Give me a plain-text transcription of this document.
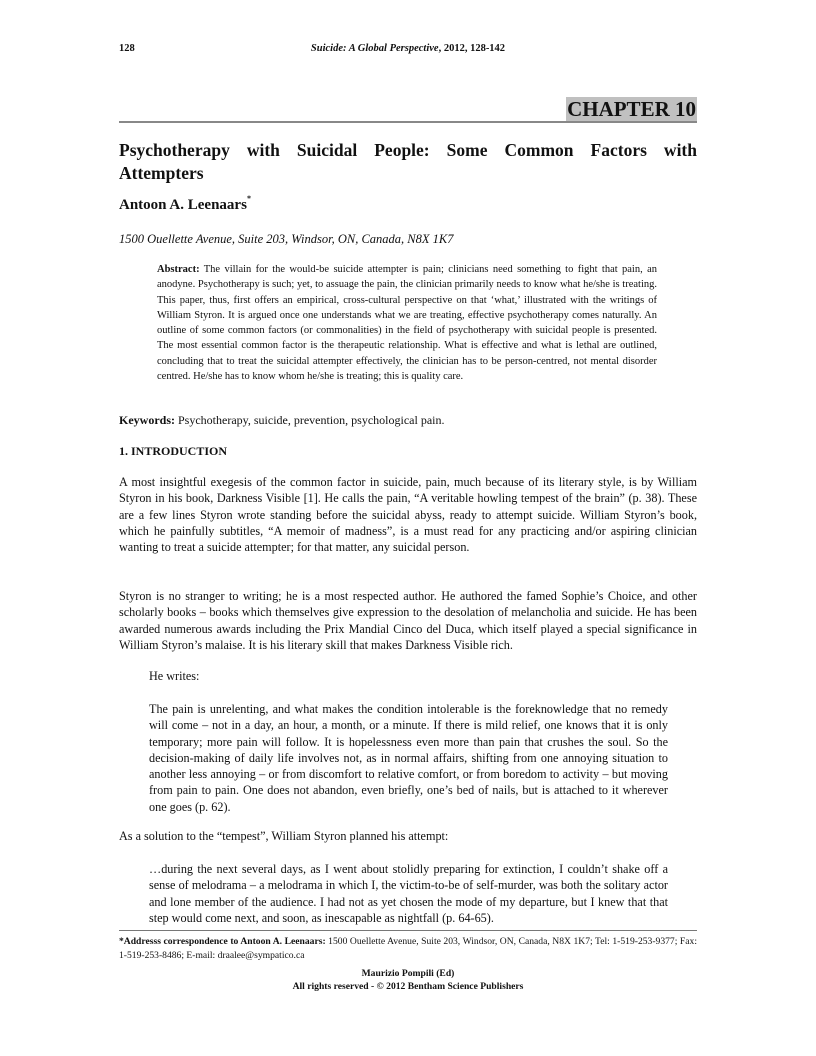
128	Suicide: A Global Perspective, 2012, 128-142
CHAPTER 10
Psychotherapy with Suicidal People: Some Common Factors with
Attempters

Antoon A. Leenaars*

1500 Ouellette Avenue, Suite 203, Windsor, ON, Canada, N8X 1K7

Abstract: The villain for the would-be suicide attempter is pain; clinicians need something to fight that pain, an anodyne. Psychotherapy is such; yet, to assuage the pain, the clinician primarily needs to know what he/she is treating. This paper, thus, first offers an empirical, cross-cultural perspective on that ‘what,’ illustrated with the writings of William Styron. It is argued once one understands what we are treating, effective psychotherapy comes naturally. An outline of some common factors (or commonalities) in the field of psychotherapy with suicidal people is presented. The most essential common factor is the therapeutic relationship. What is effective and what is lethal are outlined, concluding that to treat the suicidal attempter effectively, the clinician has to be person-centred, not mental disorder centred. He/she has to know whom he/she is treating; this is quality care.

Keywords: Psychotherapy, suicide, prevention, psychological pain.

1. INTRODUCTION

A most insightful exegesis of the common factor in suicide, pain, much because of its literary style, is by William Styron in his book, Darkness Visible [1]. He calls the pain, “A veritable howling tempest of the brain” (p. 38). These are a few lines Styron wrote standing before the suicidal abyss, ready to attempt suicide. William Styron’s book, which he painfully subtitles, “A memoir of madness”, is a must read for any practicing and/or aspiring clinician wanting to treat a suicide attempter; for that matter, any suicidal person.

Styron is no stranger to writing; he is a most respected author. He authored the famed Sophie’s Choice, and other scholarly books – books which themselves give expression to the desolation of melancholia and suicide. He has been awarded numerous awards including the Prix Mandial Cinco del Duca, which itself played a special significance in William Styron’s malaise. It is his literary skill that makes Darkness Visible rich.

He writes:

The pain is unrelenting, and what makes the condition intolerable is the foreknowledge that no remedy will come – not in a day, an hour, a month, or a minute. If there is mild relief, one knows that it is only temporary; more pain will follow. It is hopelessness even more than pain that crushes the soul. So the decision-making of daily life involves not, as in normal affairs, shifting from one annoying situation to another less annoying – or from discomfort to relative comfort, or from boredom to activity – but moving from pain to pain. One does not abandon, even briefly, one’s bed of nails, but is attached to it wherever one goes (p. 62).

As a solution to the “tempest”, William Styron planned his attempt:

…during the next several days, as I went about stolidly preparing for extinction, I couldn’t shake off a sense of melodrama – a melodrama in which I, the victim-to-be of self-murder, was both the solitary actor and lone member of the audience. I had not as yet chosen the mode of my departure, but I knew that that step would come next, and soon, as inescapable as nightfall (p. 64-65).

*Addresss correspondence to Antoon A. Leenaars: 1500 Ouellette Avenue, Suite 203, Windsor, ON, Canada, N8X 1K7; Tel: 1-519-253-9377; Fax: 1-519-253-8486; E-mail: draalee@sympatico.ca

Maurizio Pompili (Ed)
All rights reserved - © 2012 Bentham Science Publishers
